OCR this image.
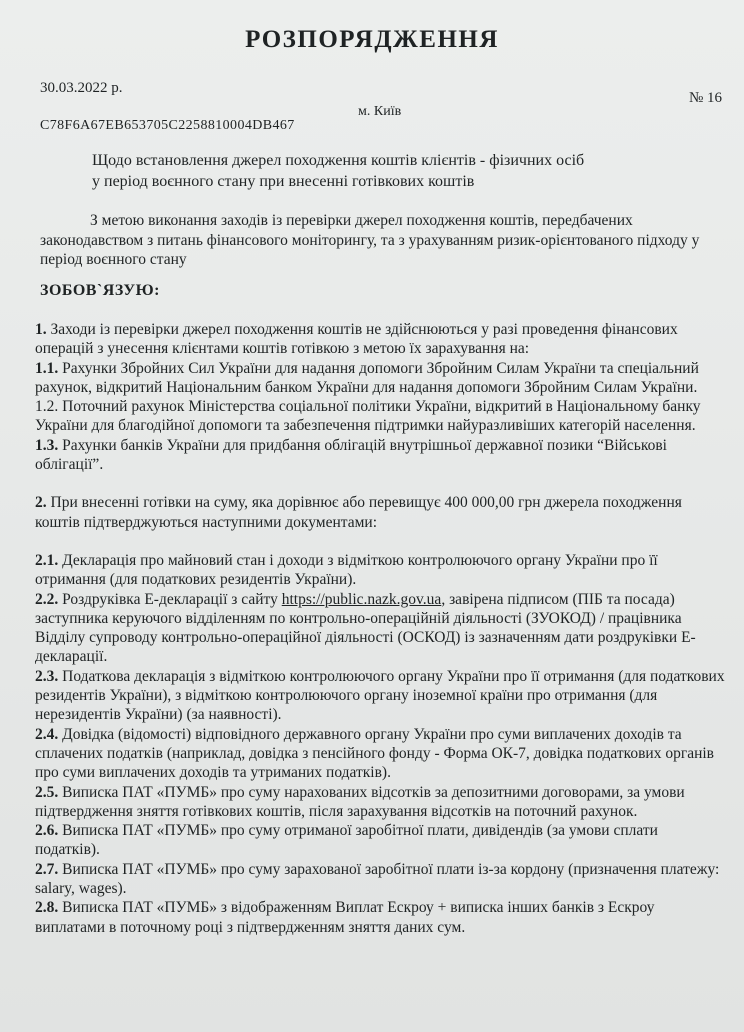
РОЗПОРЯДЖЕННЯ
30.03.2022 р.
№ 16
м. Київ
C78F6A67EB653705C2258810004DB467
Щодо встановлення джерел походження коштів клієнтів - фізичних осіб
у період воєнного стану при внесенні готівкових коштів
З метою виконання заходів із перевірки джерел походження коштів, передбачених законодавством з питань фінансового моніторингу, та з урахуванням ризик-орієнтованого підходу у період воєнного стану
ЗОБОВ`ЯЗУЮ:

1. Заходи із перевірки джерел походження коштів не здійснюються у разі проведення фінансових операцій з унесення клієнтами коштів готівкою з метою їх зарахування на:

1.1. Рахунки Збройних Сил України для надання допомоги Збройним Силам України та спеціальний рахунок, відкритий Національним банком України для надання допомоги Збройним Силам України.

1.2. Поточний рахунок Міністерства соціальної політики України, відкритий в Національному банку України для благодійної допомоги та забезпечення підтримки найуразливіших категорій населення.

1.3. Рахунки банків України для придбання облігацій внутрішньої державної позики “Військові облігації”.

2. При внесенні готівки на суму, яка дорівнює або перевищує 400 000,00 грн джерела походження коштів підтверджуються наступними документами:

2.1. Декларація про майновий стан і доходи з відміткою контролюючого органу України про її отримання (для податкових резидентів України).

2.2. Роздруківка Е-декларації з сайту https://public.nazk.gov.ua, завірена підписом (ПІБ та посада) заступника керуючого відділенням по контрольно-операційній діяльності (ЗУОКОД) / працівника Відділу супроводу контрольно-операційної діяльності (ОСКОД) із зазначенням дати роздруківки Е-декларації.

2.3. Податкова декларація з відміткою контролюючого органу України про її отримання (для податкових резидентів України), з відміткою контролюючого органу іноземної країни про отримання (для нерезидентів України) (за наявності).

2.4. Довідка (відомості) відповідного державного органу України про суми виплачених доходів та сплачених податків (наприклад, довідка з пенсійного фонду - Форма ОК-7, довідка податкових органів про суми виплачених доходів та утриманих податків).

2.5. Виписка ПАТ «ПУМБ» про суму нарахованих відсотків за депозитними договорами, за умови підтвердження зняття готівкових коштів, після зарахування відсотків на поточний рахунок.

2.6. Виписка ПАТ «ПУМБ» про суму отриманої заробітної плати, дивідендів (за умови сплати податків).

2.7. Виписка ПАТ «ПУМБ» про суму зарахованої заробітної плати із-за кордону (призначення платежу: salary, wages).

2.8. Виписка ПАТ «ПУМБ» з відображенням Виплат Ескроу + виписка інших банків з Ескроу виплатами в поточному році з підтвердженням зняття даних сум.
